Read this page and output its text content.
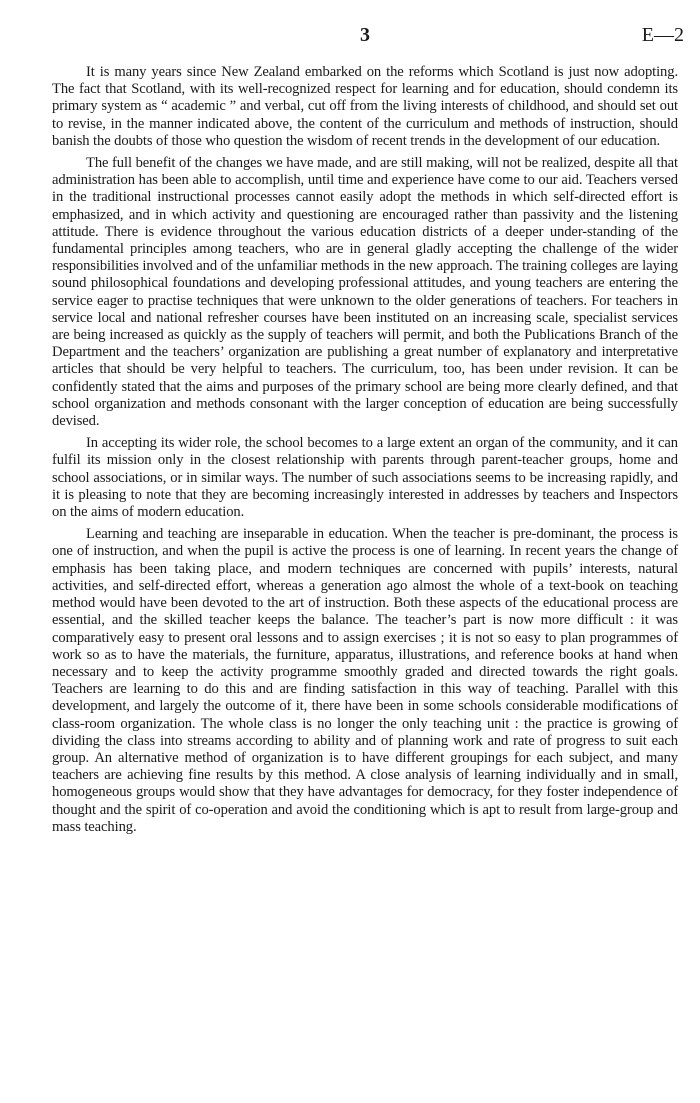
3	E—2

It is many years since New Zealand embarked on the reforms which Scotland is just now adopting. The fact that Scotland, with its well-recognized respect for learning and for education, should condemn its primary system as “ academic ” and verbal, cut off from the living interests of childhood, and should set out to revise, in the manner indicated above, the content of the curriculum and methods of instruction, should banish the doubts of those who question the wisdom of recent trends in the development of our education.

The full benefit of the changes we have made, and are still making, will not be realized, despite all that administration has been able to accomplish, until time and experience have come to our aid. Teachers versed in the traditional instructional processes cannot easily adopt the methods in which self-directed effort is emphasized, and in which activity and questioning are encouraged rather than passivity and the listening attitude. There is evidence throughout the various education districts of a deeper under-standing of the fundamental principles among teachers, who are in general gladly accepting the challenge of the wider responsibilities involved and of the unfamiliar methods in the new approach. The training colleges are laying sound philosophical foundations and developing professional attitudes, and young teachers are entering the service eager to practise techniques that were unknown to the older generations of teachers. For teachers in service local and national refresher courses have been instituted on an increasing scale, specialist services are being increased as quickly as the supply of teachers will permit, and both the Publications Branch of the Department and the teachers’ organization are publishing a great number of explanatory and interpretative articles that should be very helpful to teachers. The curriculum, too, has been under revision. It can be confidently stated that the aims and purposes of the primary school are being more clearly defined, and that school organization and methods consonant with the larger conception of education are being successfully devised.

In accepting its wider role, the school becomes to a large extent an organ of the community, and it can fulfil its mission only in the closest relationship with parents through parent-teacher groups, home and school associations, or in similar ways. The number of such associations seems to be increasing rapidly, and it is pleasing to note that they are becoming increasingly interested in addresses by teachers and Inspectors on the aims of modern education.

Learning and teaching are inseparable in education. When the teacher is pre-dominant, the process is one of instruction, and when the pupil is active the process is one of learning. In recent years the change of emphasis has been taking place, and modern techniques are concerned with pupils’ interests, natural activities, and self-directed effort, whereas a generation ago almost the whole of a text-book on teaching method would have been devoted to the art of instruction. Both these aspects of the educational process are essential, and the skilled teacher keeps the balance. The teacher’s part is now more difficult : it was comparatively easy to present oral lessons and to assign exercises ; it is not so easy to plan programmes of work so as to have the materials, the furniture, apparatus, illustrations, and reference books at hand when necessary and to keep the activity programme smoothly graded and directed towards the right goals. Teachers are learning to do this and are finding satisfaction in this way of teaching. Parallel with this development, and largely the outcome of it, there have been in some schools considerable modifications of class-room organization. The whole class is no longer the only teaching unit : the practice is growing of dividing the class into streams according to ability and of planning work and rate of progress to suit each group. An alternative method of organization is to have different groupings for each subject, and many teachers are achieving fine results by this method. A close analysis of learning individually and in small, homogeneous groups would show that they have advantages for democracy, for they foster independence of thought and the spirit of co-operation and avoid the conditioning which is apt to result from large-group and mass teaching.
